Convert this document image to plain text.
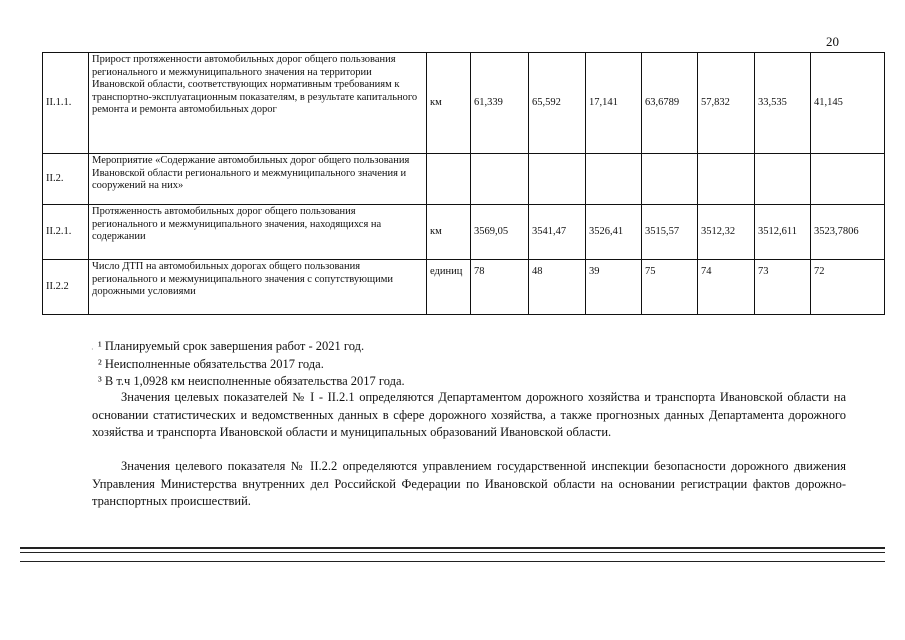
20
II.1.1.	Прирост протяженности автомобильных дорог общего пользования регионального и межмуниципального значения на территории Ивановской области, соответствующих нормативным требованиям к транспортно-эксплуатационным показателям, в результате капитального ремонта и ремонта автомобильных дорог	км	61,339	65,592	17,141	63,6789	57,832	33,535	41,145
II.2.	Мероприятие «Содержание автомобильных дорог общего пользования Ивановской области регионального и межмуниципального значения и сооружений на них»								
II.2.1.	Протяженность автомобильных дорог общего пользования регионального и межмуниципального значения, находящихся на содержании	км	3569,05	3541,47	3526,41	3515,57	3512,32	3512,611	3523,7806
II.2.2	Число ДТП на автомобильных дорогах общего пользования регионального и межмуниципального значения с сопутствующими дорожными условиями	единиц	78	48	39	75	74	73	72
· ¹ Планируемый срок завершения работ - 2021 год.
² Неисполненные обязательства 2017 года.
³ В т.ч 1,0928 км неисполненные обязательства 2017 года.
Значения целевых показателей № I - II.2.1 определяются Департаментом дорожного хозяйства и транспорта Ивановской области на основании статистических и ведомственных данных в сфере дорожного хозяйства, а также прогнозных данных Департамента дорожного хозяйства и транспорта Ивановской области и муниципальных образований Ивановской области.
Значения целевого показателя № II.2.2 определяются управлением государственной инспекции безопасности дорожного движения Управления Министерства внутренних дел Российской Федерации по Ивановской области на основании регистрации фактов дорожно-транспортных происшествий.
